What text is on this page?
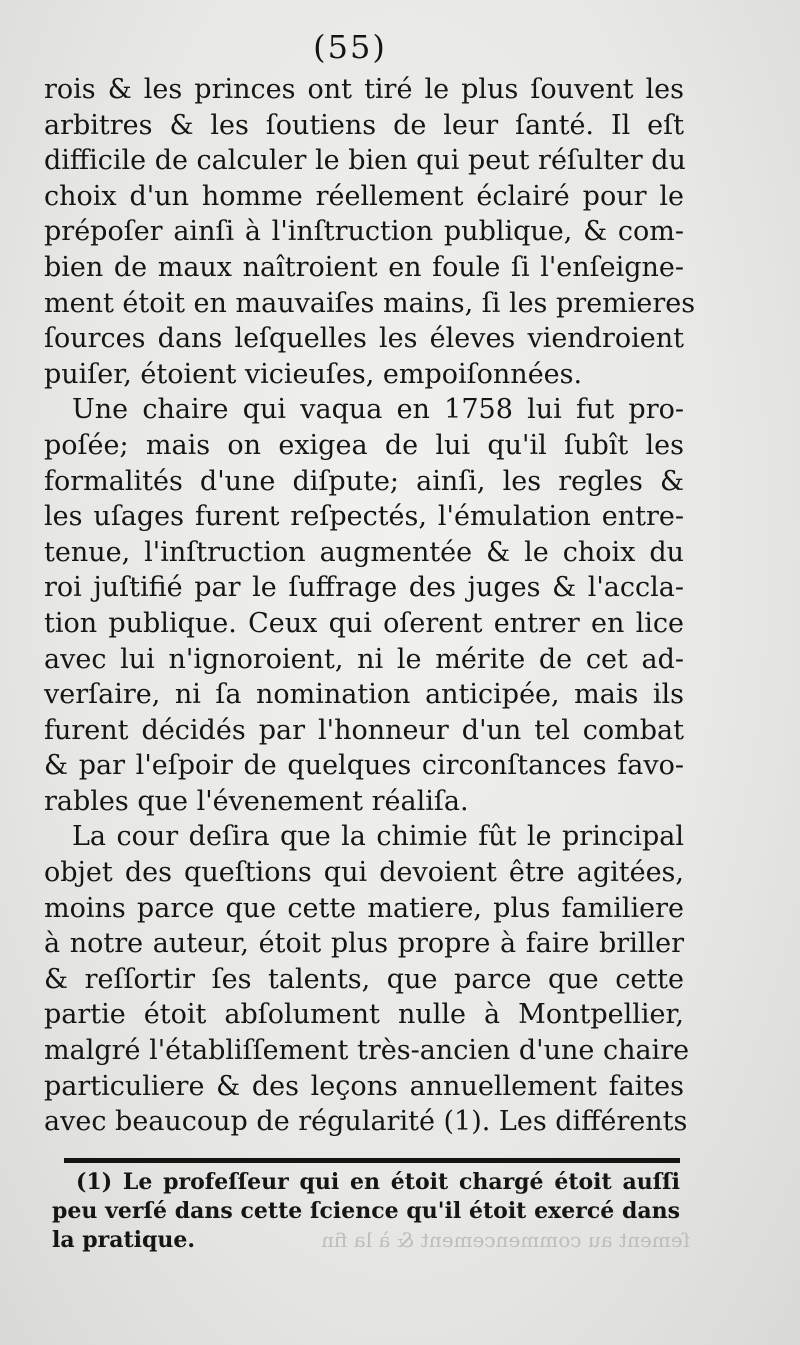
(55)
rois & les princes ont tiré le plus ſouvent les
arbitres & les ſoutiens de leur ſanté. Il eſt
difficile de calculer le bien qui peut réſulter du
choix d'un homme réellement éclairé pour le
prépoſer ainſi à l'inſtruction publique, & com-
bien de maux naîtroient en foule ſi l'enſeigne-
ment étoit en mauvaiſes mains, ſi les premieres
ſources dans leſquelles les éleves viendroient
puiſer, étoient vicieuſes, empoiſonnées.
Une chaire qui vaqua en 1758 lui fut pro-
poſée; mais on exigea de lui qu'il ſubît les
formalités d'une diſpute; ainſi, les regles &
les uſages furent reſpectés, l'émulation entre-
tenue, l'inſtruction augmentée & le choix du
roi juſtifié par le ſuffrage des juges & l'accla-
tion publique. Ceux qui oſerent entrer en lice
avec lui n'ignoroient, ni le mérite de cet ad-
verſaire, ni ſa nomination anticipée, mais ils
furent décidés par l'honneur d'un tel combat
& par l'eſpoir de quelques circonſtances favo-
rables que l'évenement réaliſa.
La cour deſira que la chimie fût le principal
objet des queſtions qui devoient être agitées,
moins parce que cette matiere, plus familiere
à notre auteur, étoit plus propre à faire briller
& reſſortir ſes talents, que parce que cette
partie étoit abſolument nulle à Montpellier,
malgré l'établiſſement très-ancien d'une chaire
particuliere & des leçons annuellement faites
avec beaucoup de régularité (1). Les différents
(1) Le profeſſeur qui en étoit chargé étoit auſſi
peu verſé dans cette ſcience qu'il étoit exercé dans
la pratique.	ſement au commencement & à la fin
